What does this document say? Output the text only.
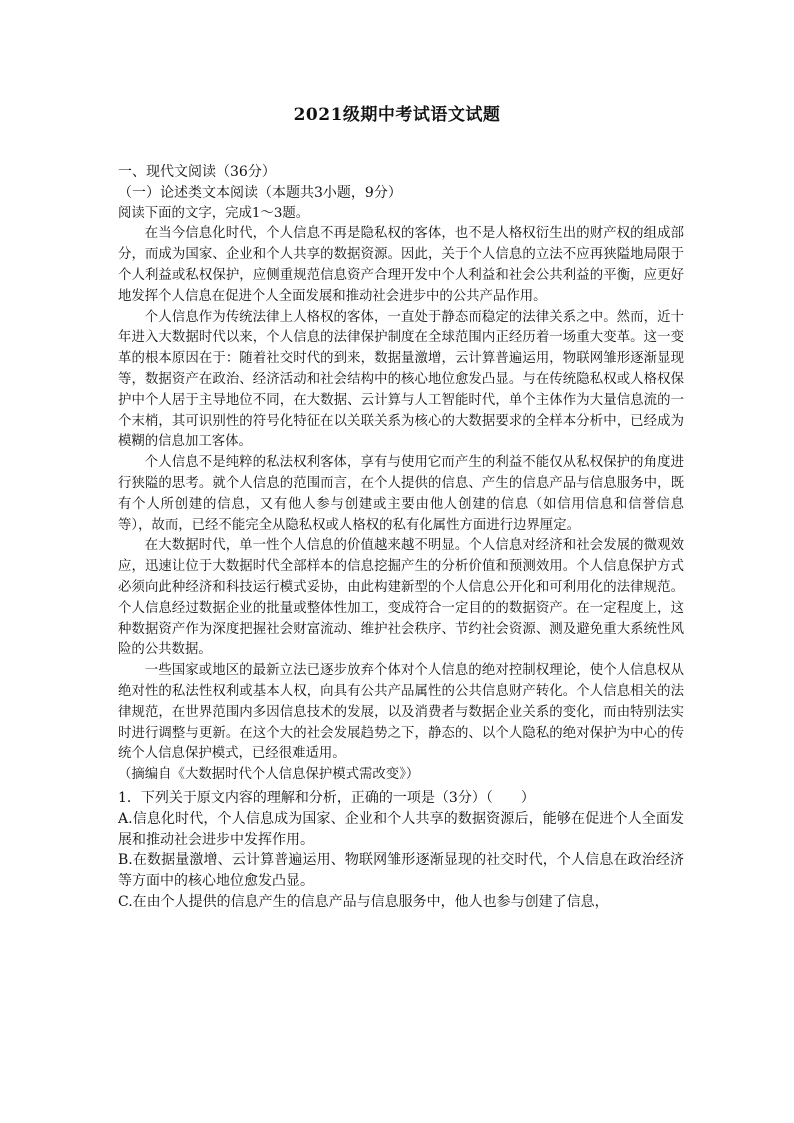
2021级期中考试语文试题

一、现代文阅读（36分）

（一）论述类文本阅读（本题共3小题，9分）

阅读下面的文字，完成1～3题。

在当今信息化时代，个人信息不再是隐私权的客体，也不是人格权衍生出的财产权的组成部分，而成为国家、企业和个人共享的数据资源。因此，关于个人信息的立法不应再狭隘地局限于个人利益或私权保护，应侧重规范信息资产合理开发中个人利益和社会公共利益的平衡，应更好地发挥个人信息在促进个人全面发展和推动社会进步中的公共产品作用。

个人信息作为传统法律上人格权的客体，一直处于静态而稳定的法律关系之中。然而，近十年进入大数据时代以来，个人信息的法律保护制度在全球范围内正经历着一场重大变革。这一变革的根本原因在于：随着社交时代的到来，数据量激增，云计算普遍运用，物联网雏形逐渐显现等，数据资产在政治、经济活动和社会结构中的核心地位愈发凸显。与在传统隐私权或人格权保护中个人居于主导地位不同，在大数据、云计算与人工智能时代，单个主体作为大量信息流的一个末梢，其可识别性的符号化特征在以关联关系为核心的大数据要求的全样本分析中，已经成为模糊的信息加工客体。

个人信息不是纯粹的私法权利客体，享有与使用它而产生的利益不能仅从私权保护的角度进行狭隘的思考。就个人信息的范围而言，在个人提供的信息、产生的信息产品与信息服务中，既有个人所创建的信息，又有他人参与创建或主要由他人创建的信息（如信用信息和信誉信息等），故而，已经不能完全从隐私权或人格权的私有化属性方面进行边界厘定。

在大数据时代，单一性个人信息的价值越来越不明显。个人信息对经济和社会发展的微观效应，迅速让位于大数据时代全部样本的信息挖掘产生的分析价值和预测效用。个人信息保护方式必须向此种经济和科技运行模式妥协，由此构建新型的个人信息公开化和可利用化的法律规范。个人信息经过数据企业的批量或整体性加工，变成符合一定目的的数据资产。在一定程度上，这种数据资产作为深度把握社会财富流动、维护社会秩序、节约社会资源、测及避免重大系统性风险的公共数据。

一些国家或地区的最新立法已逐步放弃个体对个人信息的绝对控制权理论，使个人信息权从绝对性的私法性权利或基本人权，向具有公共产品属性的公共信息财产转化。个人信息相关的法律规范，在世界范围内多因信息技术的发展，以及消费者与数据企业关系的变化，而由特别法实时进行调整与更新。在这个大的社会发展趋势之下，静态的、以个人隐私的绝对保护为中心的传统个人信息保护模式，已经很难适用。

（摘编自《大数据时代个人信息保护模式需改变》）

1．下列关于原文内容的理解和分析，正确的一项是（3分）（　　）

A.信息化时代，个人信息成为国家、企业和个人共享的数据资源后，能够在促进个人全面发展和推动社会进步中发挥作用。

B.在数据量激增、云计算普遍运用、物联网雏形逐渐显现的社交时代，个人信息在政治经济等方面中的核心地位愈发凸显。

C.在由个人提供的信息产生的信息产品与信息服务中，他人也参与创建了信息，
